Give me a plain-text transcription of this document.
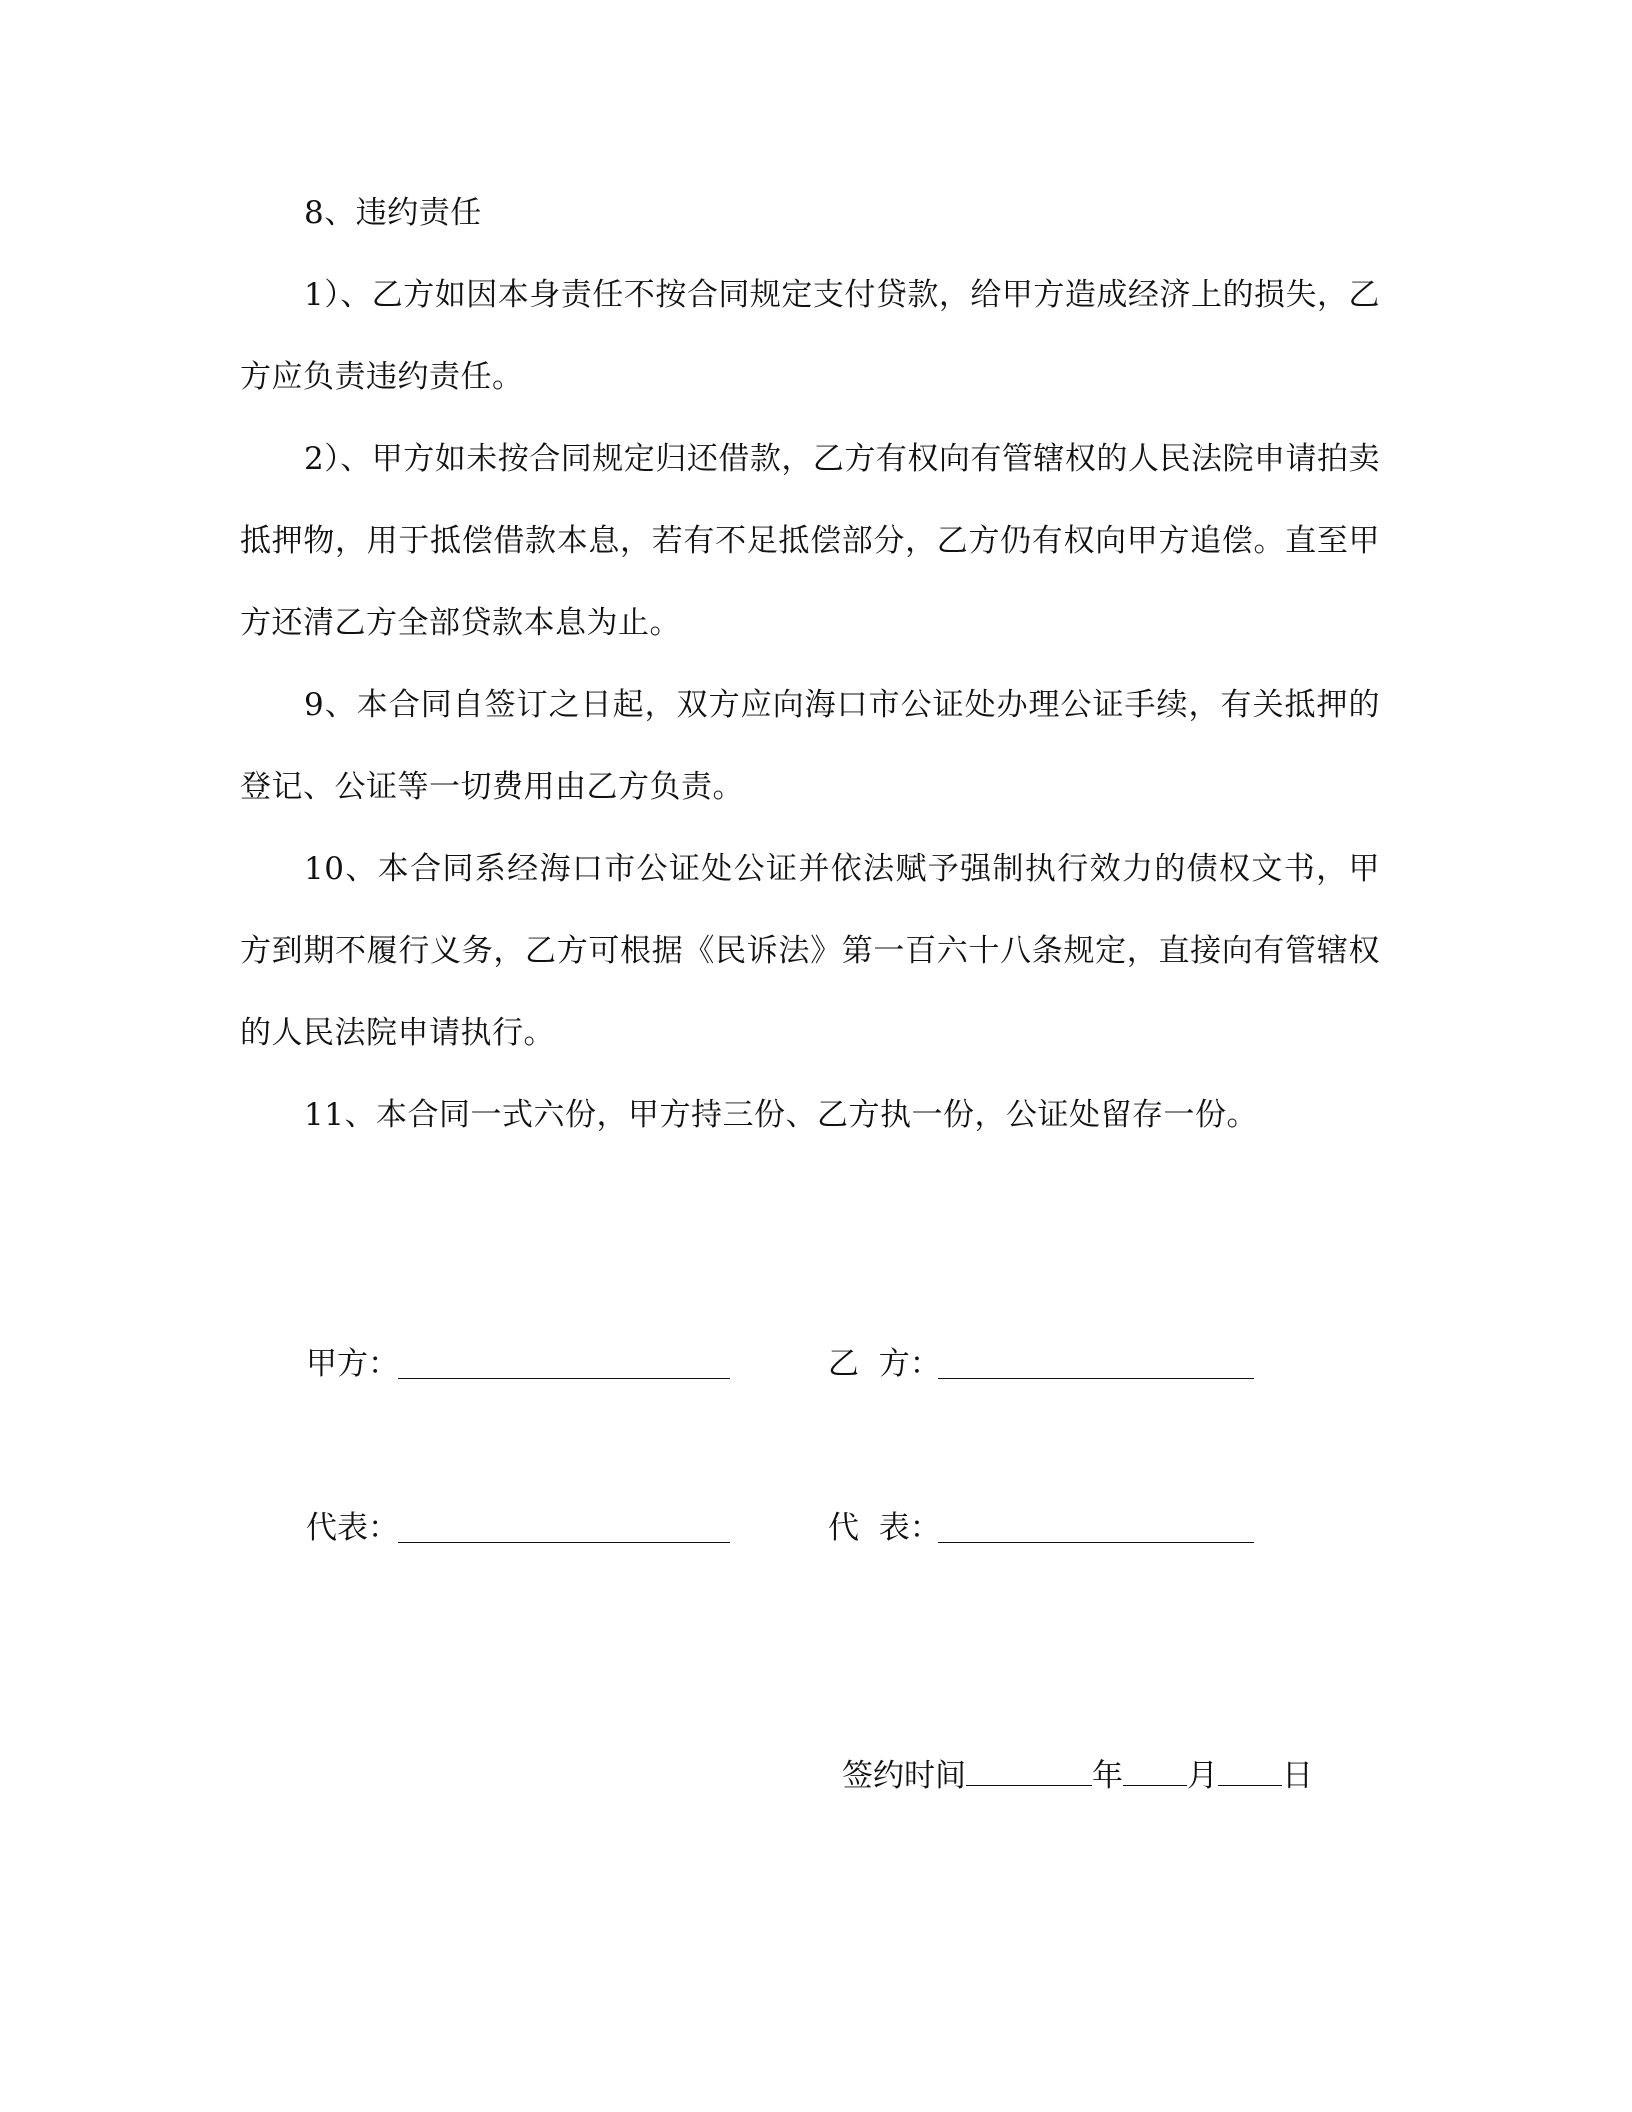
8、违约责任

1）、乙方如因本身责任不按合同规定支付贷款，给甲方造成经济上的损失，乙方应负责违约责任。

2）、甲方如未按合同规定归还借款，乙方有权向有管辖权的人民法院申请拍卖抵押物，用于抵偿借款本息，若有不足抵偿部分，乙方仍有权向甲方追偿。直至甲方还清乙方全部贷款本息为止。

9、本合同自签订之日起，双方应向海口市公证处办理公证手续，有关抵押的登记、公证等一切费用由乙方负责。

10、本合同系经海口市公证处公证并依法赋予强制执行效力的债权文书，甲方到期不履行义务，乙方可根据《民诉法》第一百六十八条规定，直接向有管辖权的人民法院申请执行。

11、本合同一式六份，甲方持三份、乙方执一份，公证处留存一份。

甲方：	乙  方：
代表：	代  表：
签约时间	年 月 日
